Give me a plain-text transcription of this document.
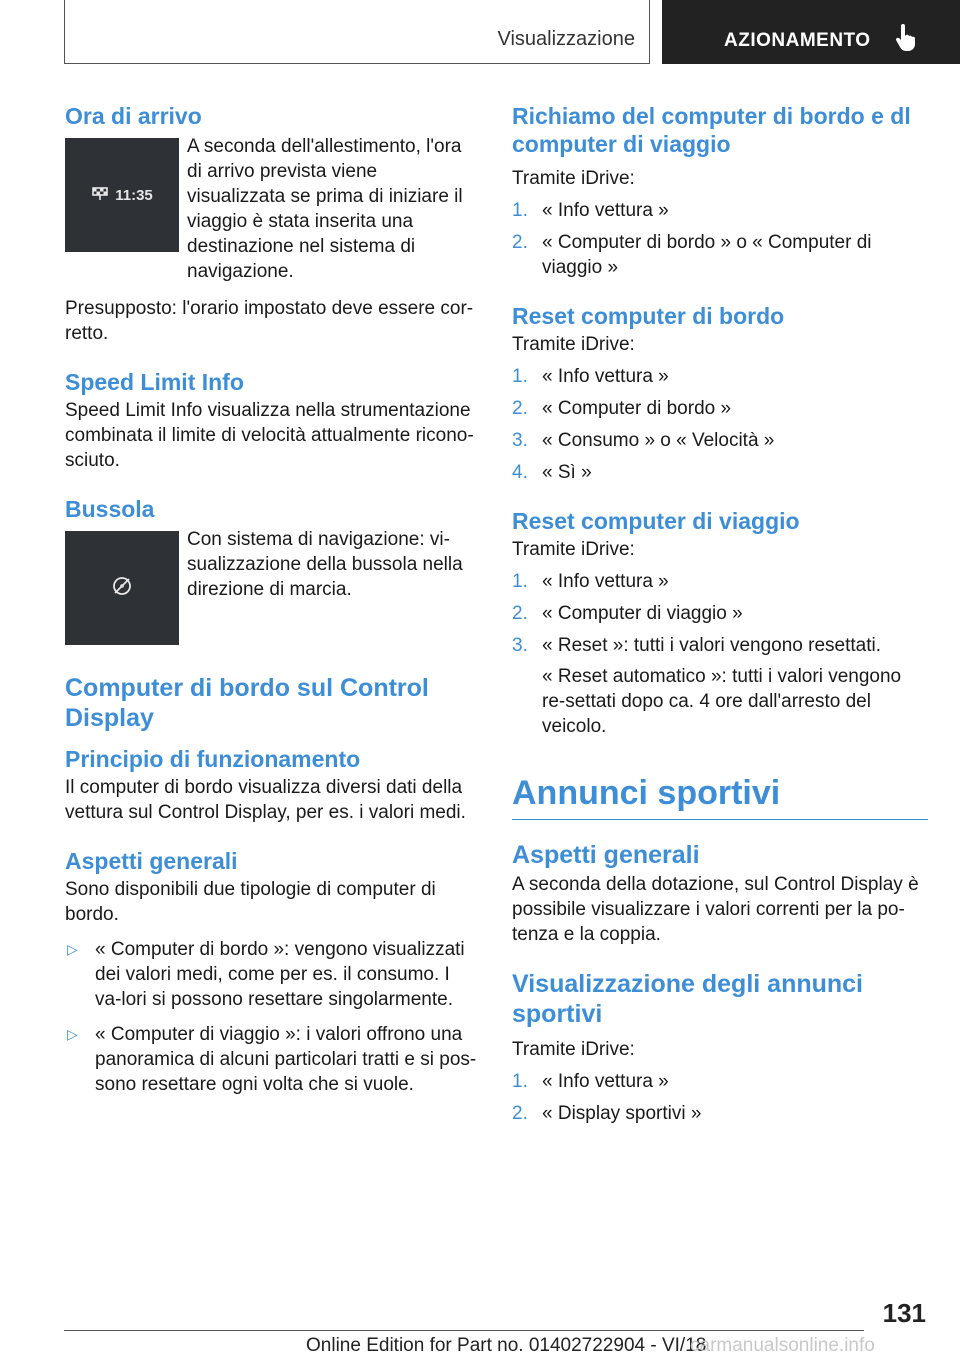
Visualizzazione	AZIONAMENTO
Ora di arrivo
11:35
A seconda dell'allestimento, l'ora di arrivo prevista viene visualizzata se prima di iniziare il viaggio è stata inserita una destinazione nel sistema di navigazione.

Presupposto: l'orario impostato deve essere cor-retto.

Speed Limit Info

Speed Limit Info visualizza nella strumentazione combinata il limite di velocità attualmente ricono-sciuto.

Bussola
Con sistema di navigazione: vi-sualizzazione della bussola nella direzione di marcia.
Computer di bordo sul Control Display
Principio di funzionamento

Il computer di bordo visualizza diversi dati della vettura sul Control Display, per es. i valori medi.

Aspetti generali

Sono disponibili due tipologie di computer di bordo.

▷ « Computer di bordo »: vengono visualizzati dei valori medi, come per es. il consumo. I va-lori si possono resettare singolarmente.
▷ « Computer di viaggio »: i valori offrono una panoramica di alcuni particolari tratti e si pos-sono resettare ogni volta che si vuole.
Richiamo del computer di bordo e dl computer di viaggio

Tramite iDrive:

1. « Info vettura »
2. « Computer di bordo » o « Computer di viaggio »
Reset computer di bordo

Tramite iDrive:

1. « Info vettura »
2. « Computer di bordo »
3. « Consumo » o « Velocità »
4. « Sì »
Reset computer di viaggio

Tramite iDrive:

1. « Info vettura »
2. « Computer di viaggio »
3. « Reset »: tutti i valori vengono resettati.
« Reset automatico »: tutti i valori vengono re-settati dopo ca. 4 ore dall'arresto del veicolo.
Annunci sportivi
Aspetti generali

A seconda della dotazione, sul Control Display è possibile visualizzare i valori correnti per la po-tenza e la coppia.

Visualizzazione degli annunci sportivi

Tramite iDrive:

1. « Info vettura »
2. « Display sportivi »
131
Online Edition for Part no. 01402722904 - VI/18
carmanualsonline.info
